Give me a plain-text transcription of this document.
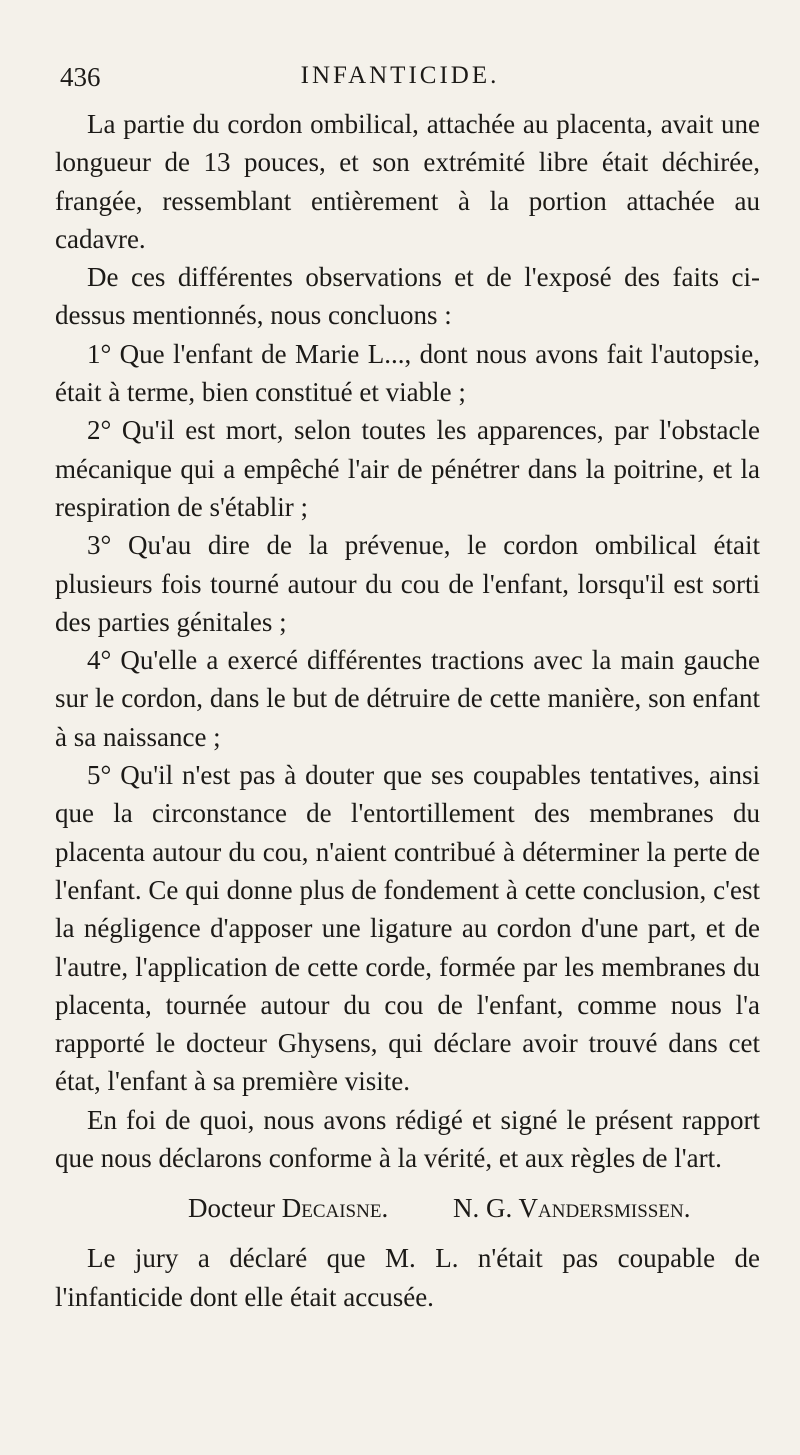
436	INFANTICIDE.

La partie du cordon ombilical, attachée au placenta, avait une longueur de 13 pouces, et son extrémité libre était déchirée, frangée, ressemblant entièrement à la portion attachée au cadavre.

De ces différentes observations et de l'exposé des faits ci-dessus mentionnés, nous concluons :

1° Que l'enfant de Marie L..., dont nous avons fait l'autopsie, était à terme, bien constitué et viable ;

2° Qu'il est mort, selon toutes les apparences, par l'obstacle mécanique qui a empêché l'air de pénétrer dans la poitrine, et la respiration de s'établir ;

3° Qu'au dire de la prévenue, le cordon ombilical était plusieurs fois tourné autour du cou de l'enfant, lorsqu'il est sorti des parties génitales ;

4° Qu'elle a exercé différentes tractions avec la main gauche sur le cordon, dans le but de détruire de cette manière, son enfant à sa naissance ;

5° Qu'il n'est pas à douter que ses coupables tentatives, ainsi que la circonstance de l'entortillement des membranes du placenta autour du cou, n'aient contribué à déterminer la perte de l'enfant. Ce qui donne plus de fondement à cette conclusion, c'est la négligence d'apposer une ligature au cordon d'une part, et de l'autre, l'application de cette corde, formée par les membranes du placenta, tournée autour du cou de l'enfant, comme nous l'a rapporté le docteur Ghysens, qui déclare avoir trouvé dans cet état, l'enfant à sa première visite.

En foi de quoi, nous avons rédigé et signé le présent rapport que nous déclarons conforme à la vérité, et aux règles de l'art.

Docteur Decaisne. N. G. Vandersmissen.

Le jury a déclaré que M. L. n'était pas coupable de l'infanticide dont elle était accusée.
